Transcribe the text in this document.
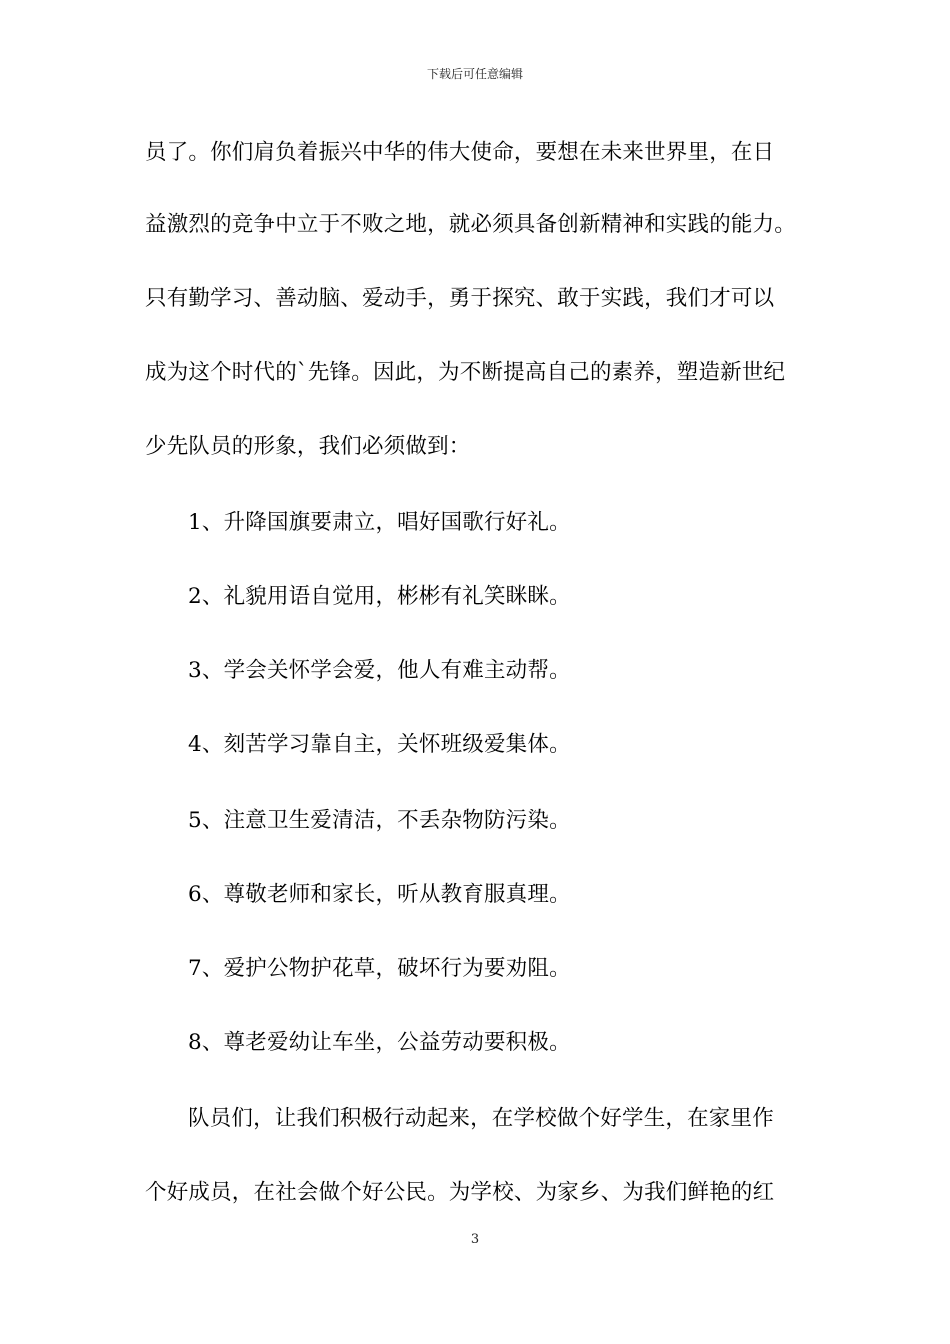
下载后可任意编辑
员了。你们肩负着振兴中华的伟大使命，要想在未来世界里，在日
益激烈的竞争中立于不败之地，就必须具备创新精神和实践的能力。
只有勤学习、善动脑、爱动手，勇于探究、敢于实践，我们才可以
成为这个时代的`先锋。因此，为不断提高自己的素养，塑造新世纪
少先队员的形象，我们必须做到：
1、升降国旗要肃立，唱好国歌行好礼。
2、礼貌用语自觉用，彬彬有礼笑眯眯。
3、学会关怀学会爱，他人有难主动帮。
4、刻苦学习靠自主，关怀班级爱集体。
5、注意卫生爱清洁，不丢杂物防污染。
6、尊敬老师和家长，听从教育服真理。
7、爱护公物护花草，破坏行为要劝阻。
8、尊老爱幼让车坐，公益劳动要积极。
队员们，让我们积极行动起来，在学校做个好学生，在家里作
个好成员，在社会做个好公民。为学校、为家乡、为我们鲜艳的红
3
